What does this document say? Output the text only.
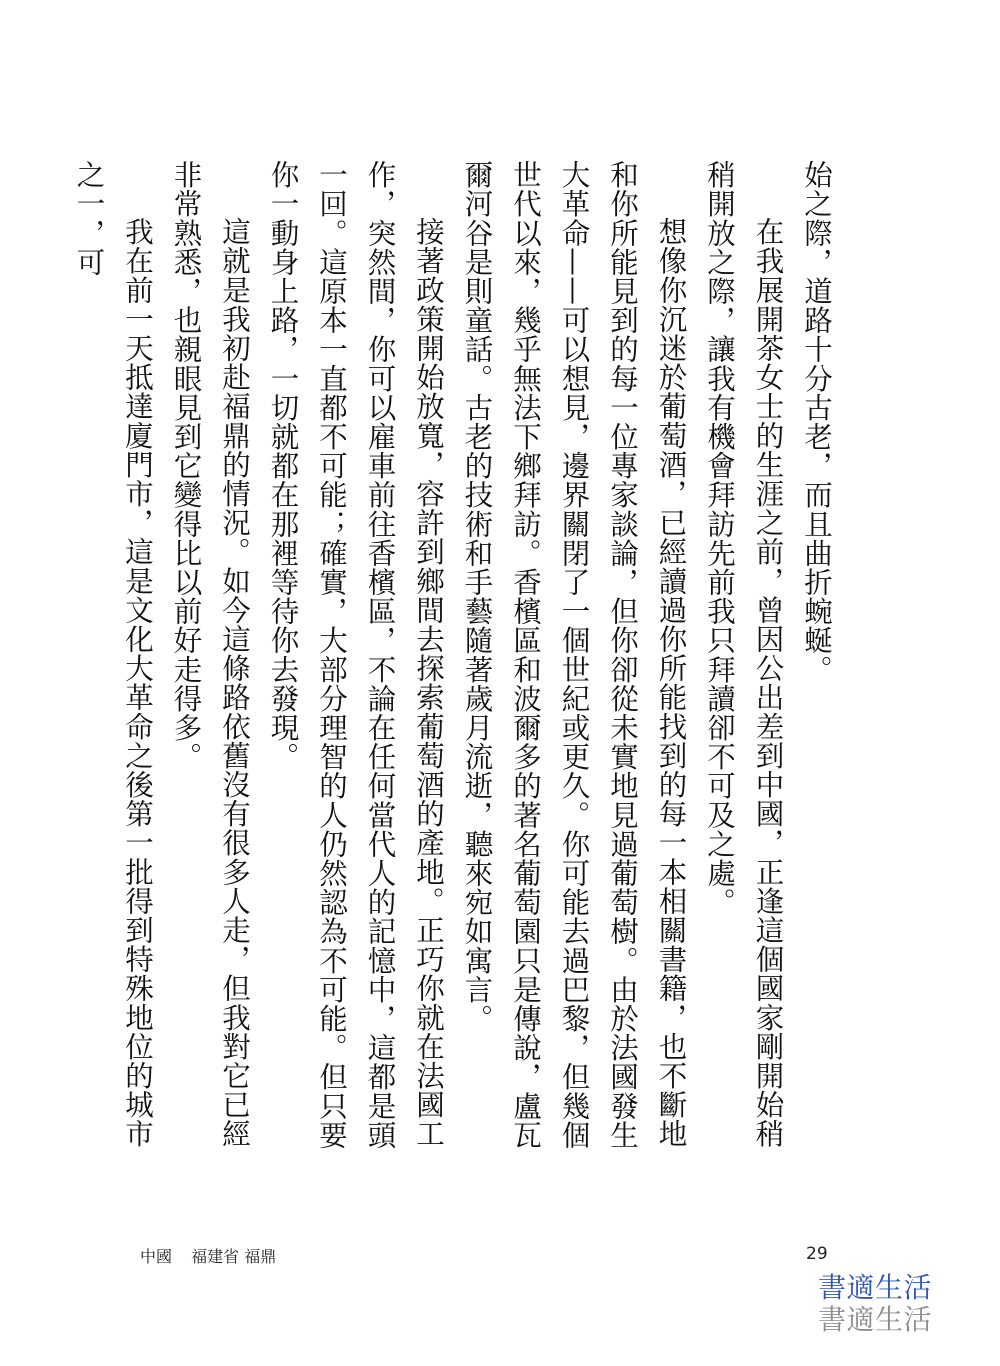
始之際，道路十分古老，而且曲折蜿蜒。

在我展開茶女士的生涯之前，曾因公出差到中國，正逢這個國家剛開始稍稍開放之際，讓我有機會拜訪先前我只拜讀卻不可及之處。

想像你沉迷於葡萄酒，已經讀過你所能找到的每一本相關書籍，也不斷地和你所能見到的每一位專家談論，但你卻從未實地見過葡萄樹。由於法國發生大革命——可以想見，邊界關閉了一個世紀或更久。你可能去過巴黎，但幾個世代以來，幾乎無法下鄉拜訪。香檳區和波爾多的著名葡萄園只是傳說，盧瓦爾河谷是則童話。古老的技術和手藝隨著歲月流逝，聽來宛如寓言。

接著政策開始放寬，容許到鄉間去探索葡萄酒的產地。正巧你就在法國工作，突然間，你可以雇車前往香檳區，不論在任何當代人的記憶中，這都是頭一回。這原本一直都不可能；確實，大部分理智的人仍然認為不可能。但只要你一動身上路，一切就都在那裡等待你去發現。

這就是我初赴福鼎的情況。如今這條路依舊沒有很多人走，但我對它已經非常熟悉，也親眼見到它變得比以前好走得多。

我在前一天抵達廈門市，這是文化大革命之後第一批得到特殊地位的城市之一，可

中國 福建省 福鼎	29
書適生活
書適生活
